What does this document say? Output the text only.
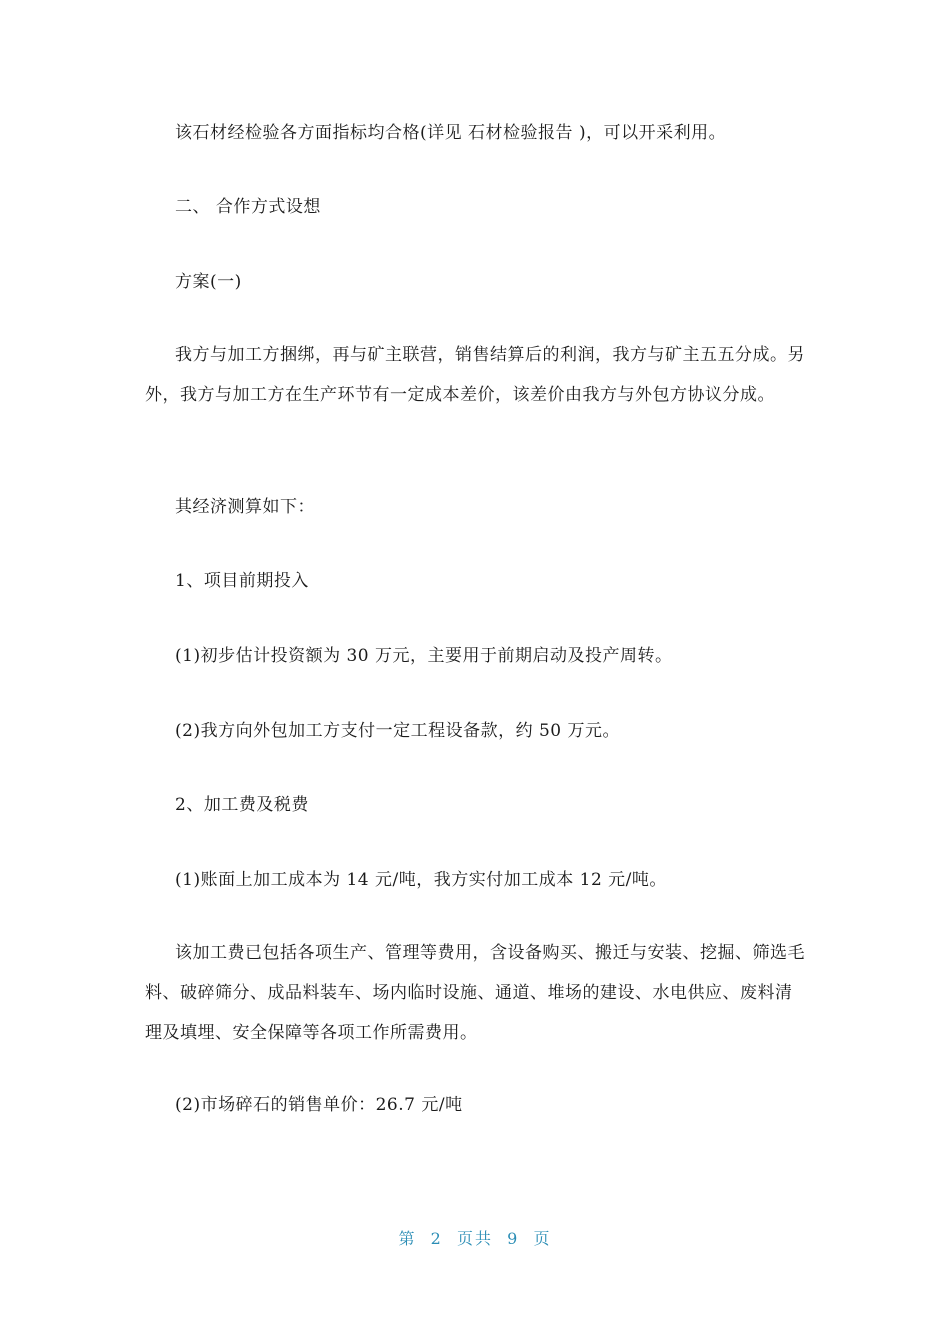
该石材经检验各方面指标均合格(详见 石材检验报告 )，可以开采利用。

二、 合作方式设想

方案(一)

我方与加工方捆绑，再与矿主联营，销售结算后的利润，我方与矿主五五分成。另外，我方与加工方在生产环节有一定成本差价，该差价由我方与外包方协议分成。

其经济测算如下：

1、项目前期投入

(1)初步估计投资额为 30 万元，主要用于前期启动及投产周转。

(2)我方向外包加工方支付一定工程设备款，约 50 万元。

2、加工费及税费

(1)账面上加工成本为 14 元/吨，我方实付加工成本 12 元/吨。

该加工费已包括各项生产、管理等费用，含设备购买、搬迁与安装、挖掘、筛选毛料、破碎筛分、成品料装车、场内临时设施、通道、堆场的建设、水电供应、废料清理及填埋、安全保障等各项工作所需费用。

(2)市场碎石的销售单价：26.7 元/吨

第  2  页共  9  页
